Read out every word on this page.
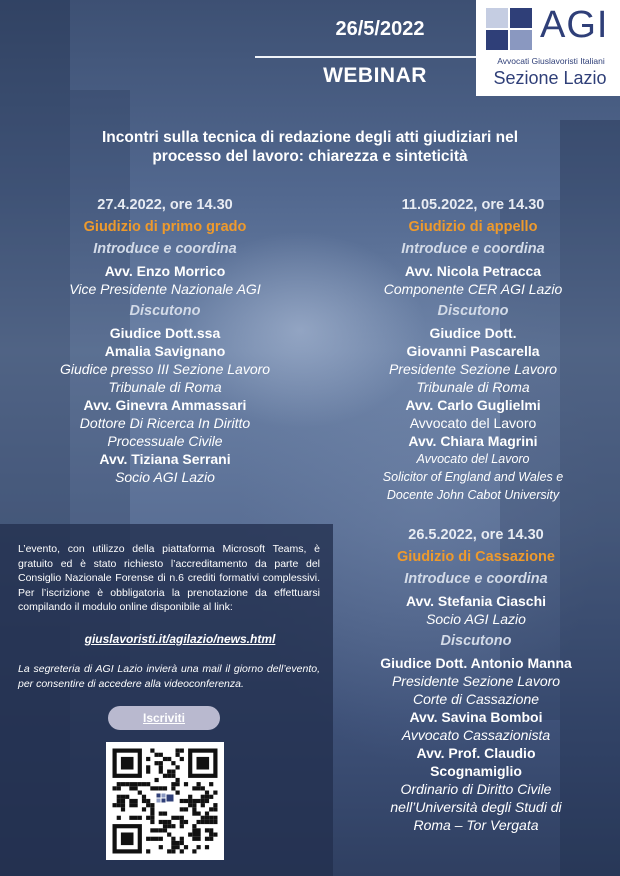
26/5/2022
WEBINAR
AGI
Avvocati Giuslavoristi Italiani
Sezione Lazio
Incontri sulla tecnica di redazione degli atti giudiziari nel
processo del lavoro: chiarezza e sinteticità
27.4.2022, ore 14.30
Giudizio di primo grado
Introduce e coordina
Avv. Enzo Morrico
Vice Presidente Nazionale AGI
Discutono
Giudice Dott.ssa
Amalia Savignano
Giudice presso III Sezione Lavoro
Tribunale di Roma
Avv. Ginevra Ammassari
Dottore Di Ricerca In Diritto
Processuale Civile
Avv. Tiziana Serrani
Socio AGI Lazio
11.05.2022, ore 14.30
Giudizio di appello
Introduce e coordina
Avv. Nicola Petracca
Componente CER AGI Lazio
Discutono
Giudice Dott.
Giovanni Pascarella
Presidente Sezione Lavoro
Tribunale di Roma
Avv. Carlo Guglielmi
Avvocato del Lavoro
Avv. Chiara Magrini
Avvocato del Lavoro
Solicitor of England and Wales e
Docente John Cabot University
26.5.2022, ore 14.30
Giudizio di Cassazione
Introduce e coordina
Avv. Stefania Ciaschi
Socio AGI Lazio
Discutono
Giudice Dott. Antonio Manna
Presidente Sezione Lavoro
Corte di Cassazione
Avv. Savina Bomboi
Avvocato Cassazionista
Avv. Prof. Claudio
Scognamiglio
Ordinario di Diritto Civile
nell’Università degli Studi di
Roma – Tor Vergata
L’evento, con utilizzo della piattaforma Microsoft Teams, è gratuito ed è stato richiesto l’accreditamento da parte del Consiglio Nazionale Forense di n.6 crediti formativi complessivi. Per l’iscrizione è obbligatoria la prenotazione da effettuarsi compilando il modulo online disponibile al link:
giuslavoristi.it/agilazio/news.html
La segreteria di AGI Lazio invierà una mail il giorno dell’evento, per consentire di accedere alla videoconferenza.
Iscriviti
